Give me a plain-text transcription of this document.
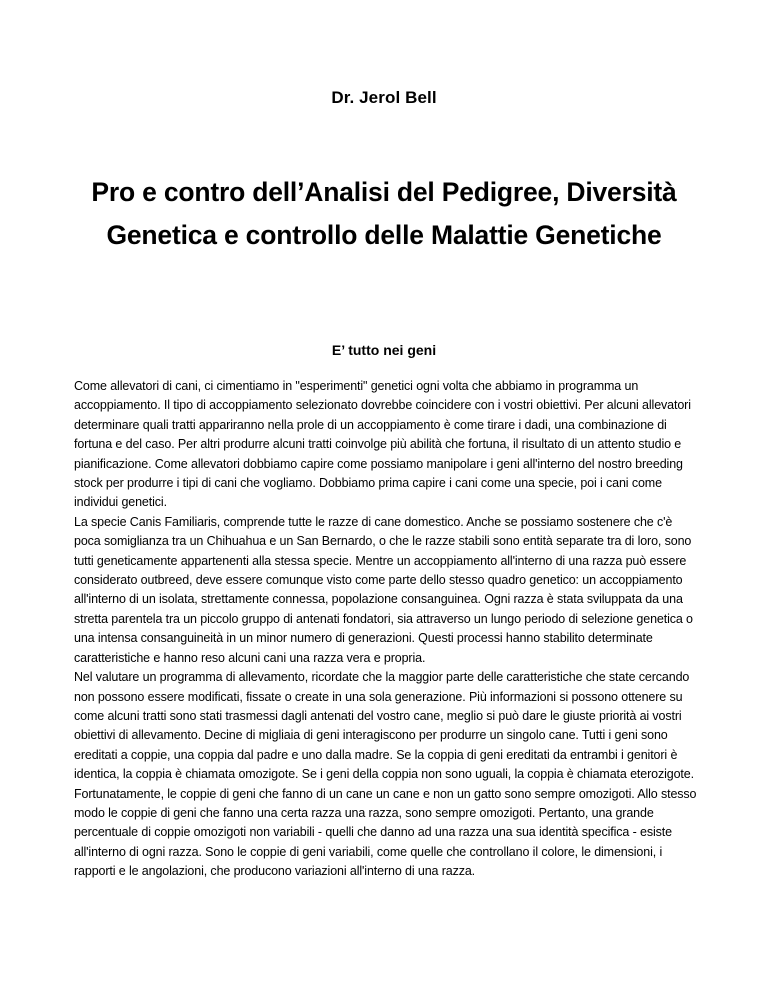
Dr. Jerol Bell
Pro e contro dell’Analisi del Pedigree, Diversità
Genetica e controllo delle Malattie Genetiche
E’ tutto nei geni

Come allevatori di cani, ci cimentiamo in "esperimenti" genetici ogni volta che abbiamo in programma un accoppiamento. Il tipo di accoppiamento selezionato dovrebbe coincidere con i vostri obiettivi. Per alcuni allevatori determinare quali tratti appariranno nella prole di un accoppiamento è come tirare i dadi, una combinazione di fortuna e del caso. Per altri produrre alcuni tratti coinvolge più abilità che fortuna, il risultato di un attento studio e pianificazione. Come allevatori dobbiamo capire come possiamo manipolare i geni all'interno del nostro breeding stock per produrre i tipi di cani che vogliamo. Dobbiamo prima capire i cani come una specie, poi i cani come individui genetici.

La specie Canis Familiaris, comprende tutte le razze di cane domestico. Anche se possiamo sostenere che c'è poca somiglianza tra un Chihuahua e un San Bernardo, o che le razze stabili sono entità separate tra di loro, sono tutti geneticamente appartenenti alla stessa specie. Mentre un accoppiamento all'interno di una razza può essere considerato outbreed, deve essere comunque visto come parte dello stesso quadro genetico: un accoppiamento all'interno di un isolata, strettamente connessa, popolazione consanguinea. Ogni razza è stata sviluppata da una stretta parentela tra un piccolo gruppo di antenati fondatori, sia attraverso un lungo periodo di selezione genetica o una intensa consanguineità in un minor numero di generazioni. Questi processi hanno stabilito determinate caratteristiche e hanno reso alcuni cani una razza vera e propria.

Nel valutare un programma di allevamento, ricordate che la maggior parte delle caratteristiche che state cercando non possono essere modificati, fissate o create in una sola generazione. Più informazioni si possono ottenere su come alcuni tratti sono stati trasmessi dagli antenati del vostro cane, meglio si può dare le giuste priorità ai vostri obiettivi di allevamento. Decine di migliaia di geni interagiscono per produrre un singolo cane. Tutti i geni sono ereditati a coppie, una coppia dal padre e uno dalla madre. Se la coppia di geni ereditati da entrambi i genitori è identica, la coppia è chiamata omozigote. Se i geni della coppia non sono uguali, la coppia è chiamata eterozigote. Fortunatamente, le coppie di geni che fanno di un cane un cane e non un gatto sono sempre omozigoti. Allo stesso modo le coppie di geni che fanno una certa razza una razza, sono sempre omozigoti. Pertanto, una grande percentuale di coppie omozigoti non variabili - quelli che danno ad una razza una sua identità specifica - esiste all'interno di ogni razza. Sono le coppie di geni variabili, come quelle che controllano il colore, le dimensioni, i rapporti e le angolazioni, che producono variazioni all'interno di una razza.
